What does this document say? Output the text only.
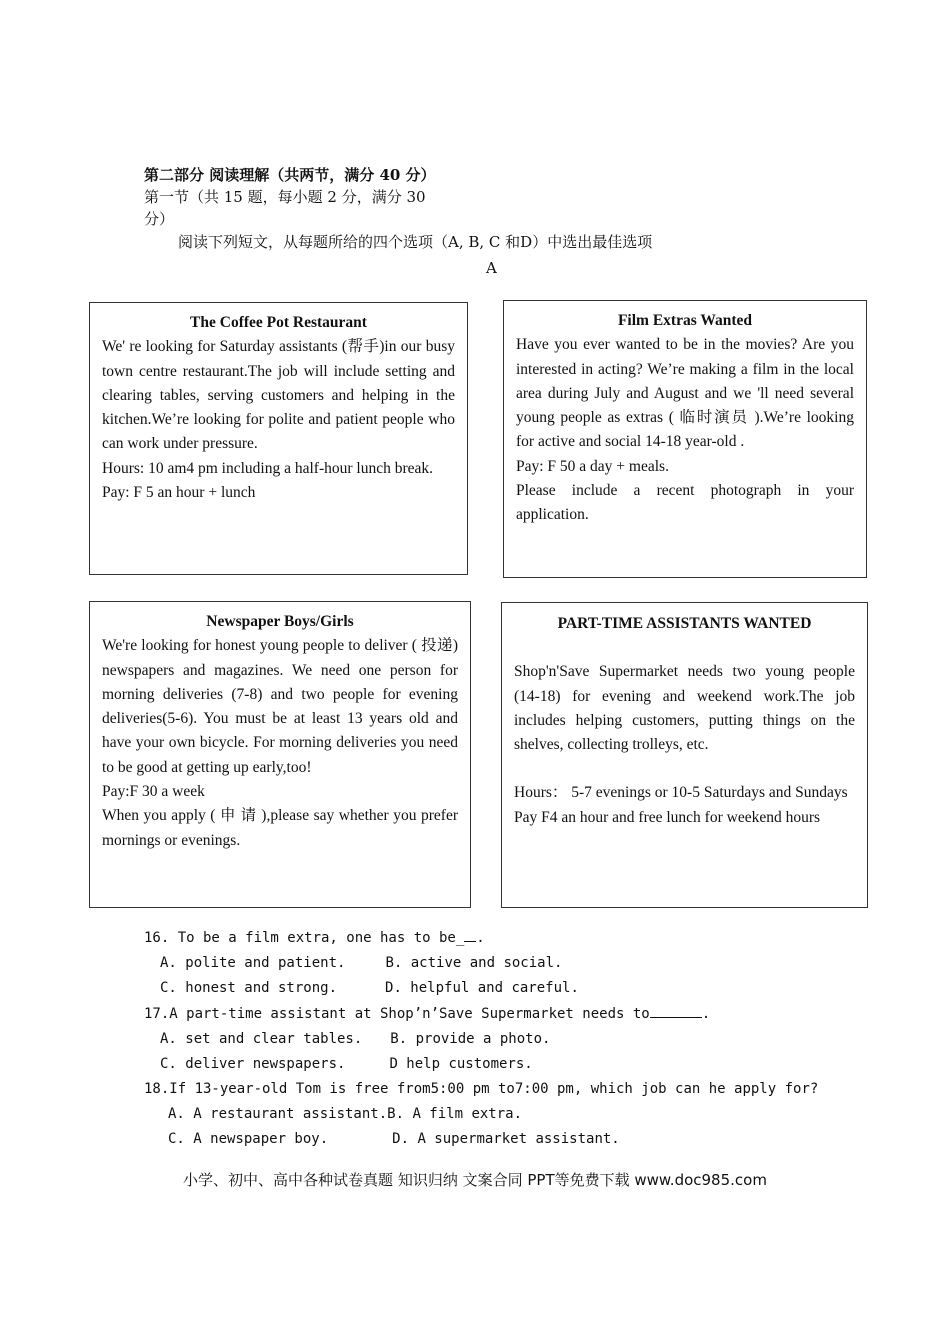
第二部分 阅读理解（共两节，满分 40 分）
第一节（共 15 题，每小题 2 分，满分 30
分）
阅读下列短文，从每题所给的四个选项（A, B, C 和D）中选出最佳选项
A
The Coffee Pot Restaurant

We' re looking for Saturday assistants (帮手)in our busy town centre restaurant.The job will include setting and clearing tables, serving customers and helping in the kitchen.We’re looking for polite and patient people who can work under pressure.

Hours: 10 am4 pm including a half-hour lunch break.

Pay: F 5 an hour + lunch

Film Extras Wanted

Have you ever wanted to be in the movies? Are you interested in acting? We’re making a film in the local area during July and August and we 'll need several young people as extras ( 临时演员 ).We’re looking for active and social 14-18 year-old .

Pay: F 50 a day + meals.

Please include a recent photograph in your application.

Newspaper Boys/Girls

We're looking for honest young people to deliver ( 投递) newspapers and magazines. We need one person for morning deliveries (7-8) and two people for evening deliveries(5-6). You must be at least 13 years old and have your own bicycle. For morning deliveries you need to be good at getting up early,too!

Pay:F 30 a week

When you apply ( 申 请 ),please say whether you prefer mornings or evenings.

PART-TIME ASSISTANTS WANTED

Shop'n'Save Supermarket needs two young people (14-18) for evening and weekend work.The job includes helping customers, putting things on the shelves, collecting trolleys, etc.

Hours： 5-7 evenings or 10-5 Saturdays and Sundays

Pay F4 an hour and free lunch for weekend hours

16. To be a film extra, one has to be_ .
A. polite and patient.	B. active and social.
C. honest and strong.	D. helpful and careful.
17.A part-time assistant at Shop’n’Save Supermarket needs to	.
A. set and clear tables. B. provide a photo.
C. deliver newspapers.	D help customers.
18.If 13-year-old Tom is free from5:00 pm to7:00 pm, which job can he apply for?
A. A restaurant assistant.B. A film extra.
C. A newspaper boy.	D. A supermarket assistant.
小学、初中、高中各种试卷真题 知识归纳 文案合同 PPT等免费下载 www.doc985.com
